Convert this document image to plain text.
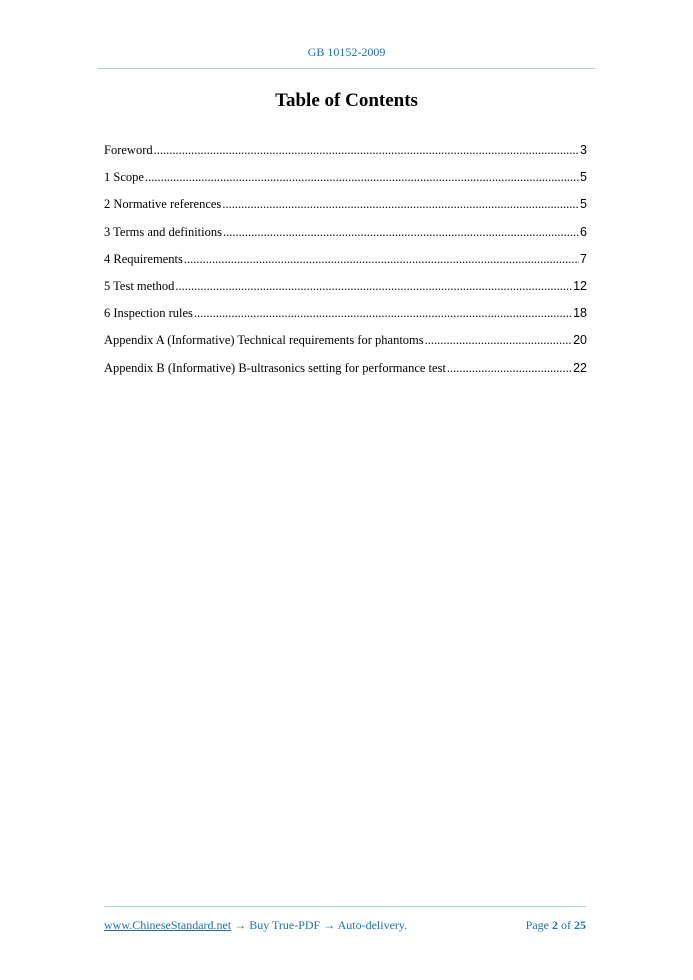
GB 10152-2009
Table of Contents
Foreword .....	3
1 Scope .....	5
2 Normative references .....	5
3 Terms and definitions .....	6
4 Requirements .....	7
5 Test method .....	12
6 Inspection rules .....	18
Appendix A (Informative) Technical requirements for phantoms .....	20
Appendix B (Informative) B-ultrasonics setting for performance test .....	22
www.ChineseStandard.net → Buy True-PDF → Auto-delivery.	Page 2 of 25
